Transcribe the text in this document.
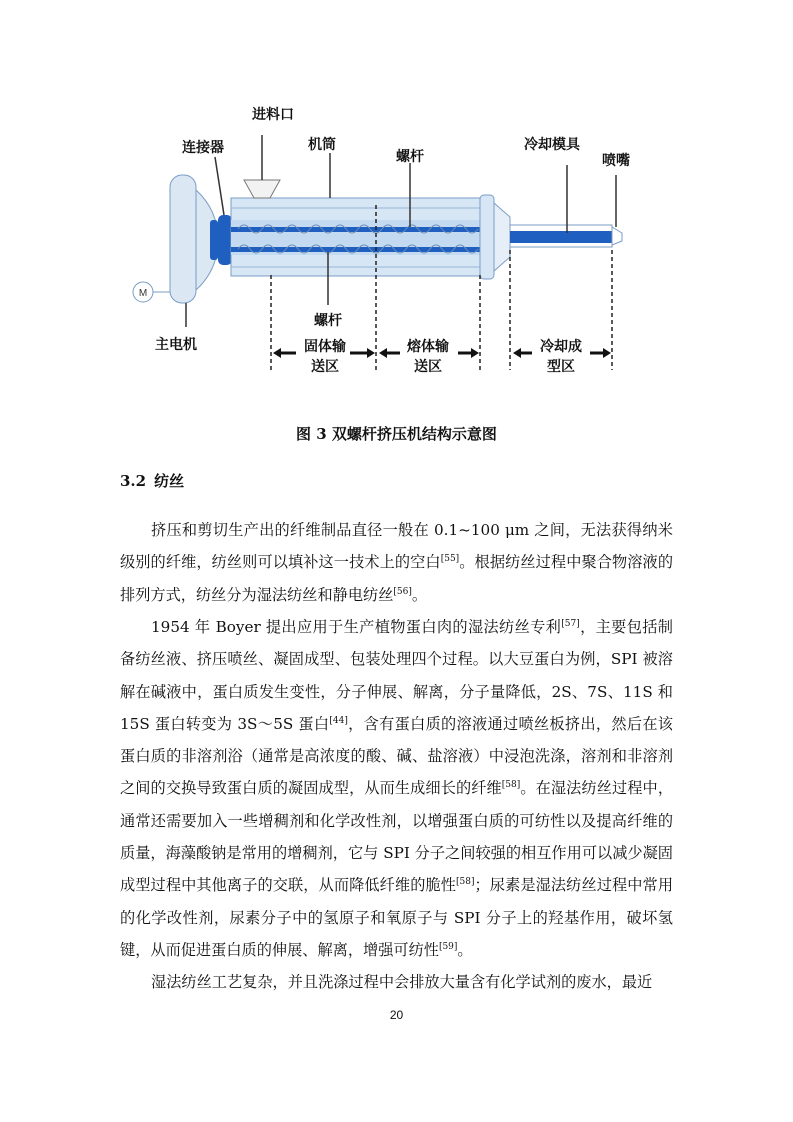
M
进料口
连接器	机筒
螺杆
冷却模具
喷嘴
螺杆
主电机	固体输
送区
熔体输
送区
冷却成
型区
图 3 双螺杆挤压机结构示意图
3.2 纺丝

挤压和剪切生产出的纤维制品直径一般在 0.1~100 μm 之间，无法获得纳米级别的纤维，纺丝则可以填补这一技术上的空白[55]。根据纺丝过程中聚合物溶液的排列方式，纺丝分为湿法纺丝和静电纺丝[56]。

1954 年 Boyer 提出应用于生产植物蛋白肉的湿法纺丝专利[57]，主要包括制备纺丝液、挤压喷丝、凝固成型、包装处理四个过程。以大豆蛋白为例，SPI 被溶解在碱液中，蛋白质发生变性，分子伸展、解离，分子量降低，2S、7S、11S 和 15S 蛋白转变为 3S～5S 蛋白[44]，含有蛋白质的溶液通过喷丝板挤出，然后在该蛋白质的非溶剂浴（通常是高浓度的酸、碱、盐溶液）中浸泡洗涤，溶剂和非溶剂之间的交换导致蛋白质的凝固成型，从而生成细长的纤维[58]。在湿法纺丝过程中，通常还需要加入一些增稠剂和化学改性剂，以增强蛋白质的可纺性以及提高纤维的质量，海藻酸钠是常用的增稠剂，它与 SPI 分子之间较强的相互作用可以减少凝固成型过程中其他离子的交联，从而降低纤维的脆性[58]；尿素是湿法纺丝过程中常用的化学改性剂，尿素分子中的氢原子和氧原子与 SPI 分子上的羟基作用，破坏氢键，从而促进蛋白质的伸展、解离，增强可纺性[59]。

湿法纺丝工艺复杂，并且洗涤过程中会排放大量含有化学试剂的废水，最近

20
